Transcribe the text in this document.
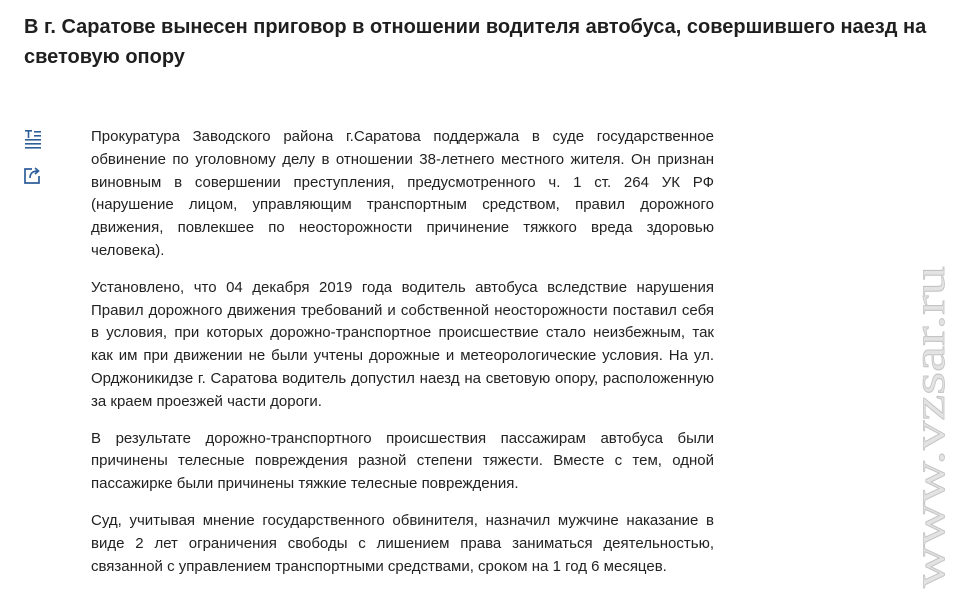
В г. Саратове вынесен приговор в отношении водителя автобуса, совершившего наезд на световую опору

Прокуратура Заводского района г.Саратова поддержала в суде государственное обвинение по уголовному делу в отношении 38-летнего местного жителя. Он признан виновным в совершении преступления, предусмотренного ч. 1 ст. 264 УК РФ (нарушение лицом, управляющим транспортным средством, правил дорожного движения, повлекшее по неосторожности причинение тяжкого вреда здоровью человека).

Установлено, что 04 декабря 2019 года водитель автобуса вследствие нарушения Правил дорожного движения требований и собственной неосторожности поставил себя в условия, при которых дорожно-транспортное происшествие стало неизбежным, так как им при движении не были учтены дорожные и метеорологические условия. На ул. Орджоникидзе г. Саратова водитель допустил наезд на световую опору, расположенную за краем проезжей части дороги.

В результате дорожно-транспортного происшествия пассажирам автобуса были причинены телесные повреждения разной степени тяжести. Вместе с тем, одной пассажирке были причинены тяжкие телесные повреждения.

Суд, учитывая мнение государственного обвинителя, назначил мужчине наказание в виде 2 лет ограничения свободы с лишением права заниматься деятельностью, связанной с управлением транспортными средствами, сроком на 1 год 6 месяцев.	www.vzsar.ru
